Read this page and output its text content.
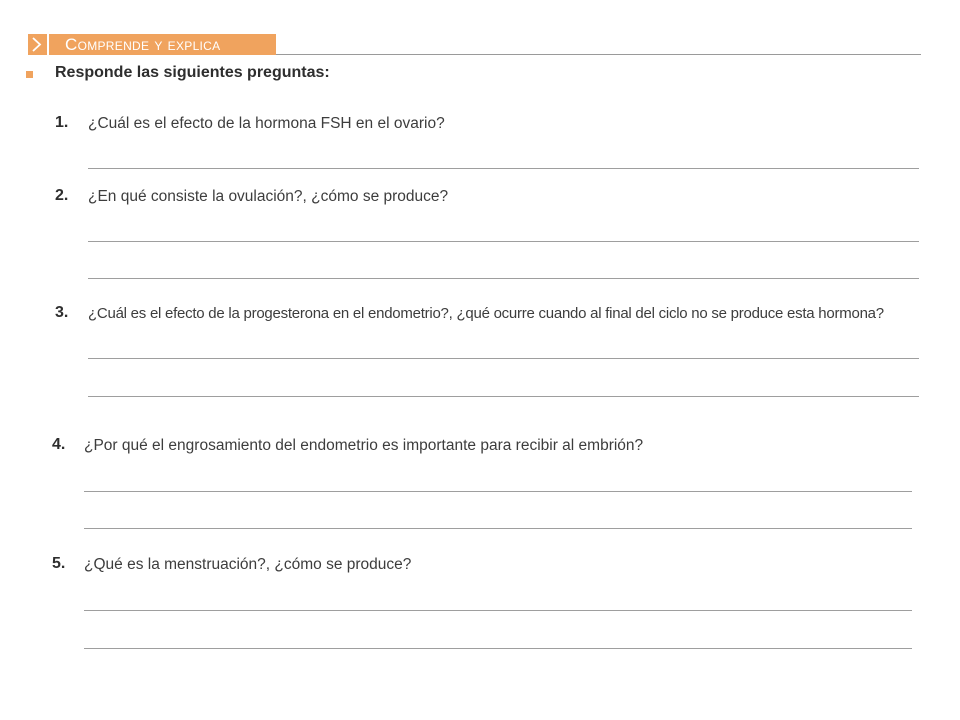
Comprende y explica
Responde las siguientes preguntas:
1. ¿Cuál es el efecto de la hormona FSH en el ovario?
2. ¿En qué consiste la ovulación?, ¿cómo se produce?
3. ¿Cuál es el efecto de la progesterona en el endometrio?, ¿qué ocurre cuando al final del ciclo no se produce esta hormona?
4. ¿Por qué el engrosamiento del endometrio es importante para recibir al embrión?
5. ¿Qué es la menstruación?, ¿cómo se produce?
